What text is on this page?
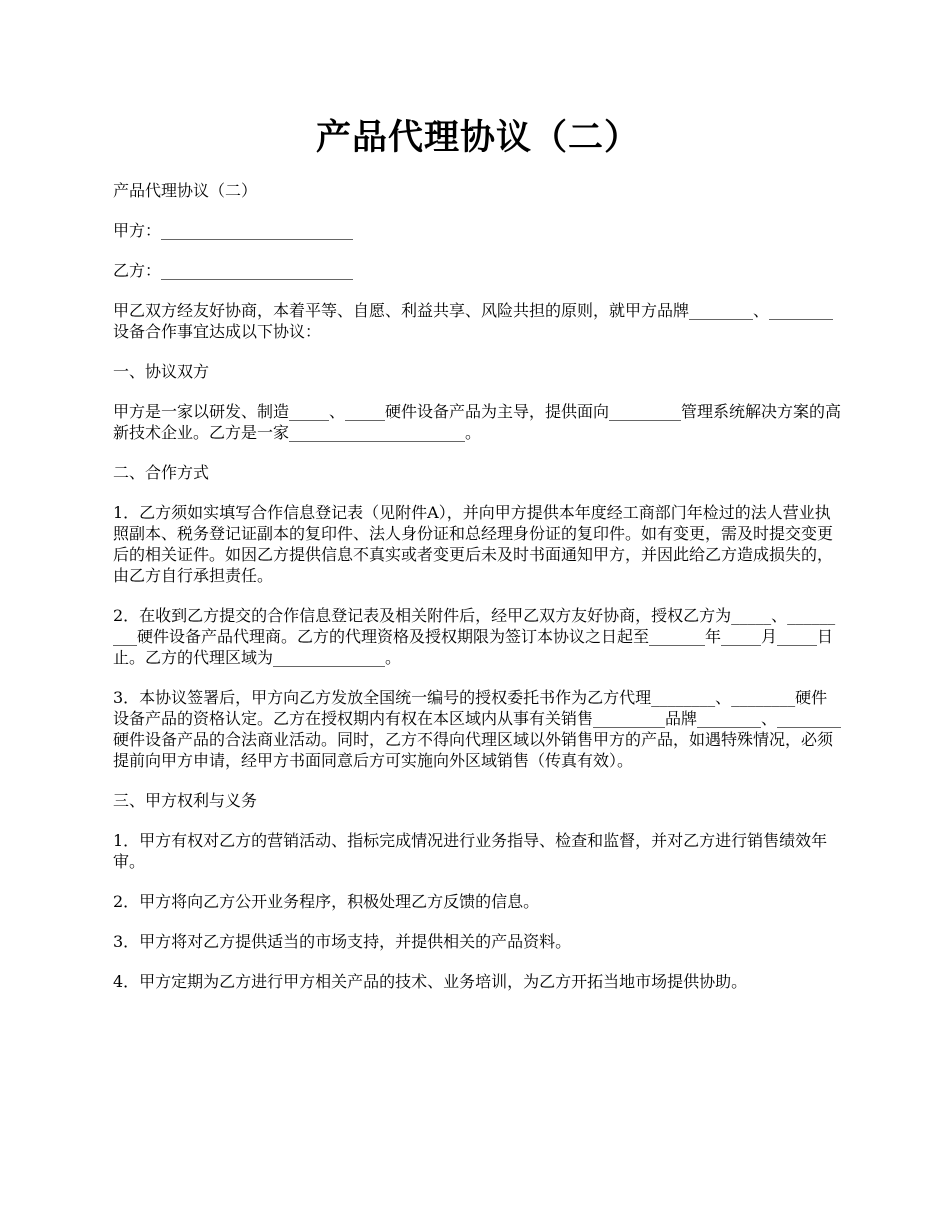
产品代理协议（二）

产品代理协议（二）

甲方：________________________

乙方：________________________

甲乙双方经友好协商，本着平等、自愿、利益共享、风险共担的原则，就甲方品牌________、________设备合作事宜达成以下协议：

一、协议双方

甲方是一家以研发、制造_____、_____硬件设备产品为主导，提供面向_________管理系统解决方案的高新技术企业。乙方是一家______________________。

二、合作方式

1．乙方须如实填写合作信息登记表（见附件A），并向甲方提供本年度经工商部门年检过的法人营业执照副本、税务登记证副本的复印件、法人身份证和总经理身份证的复印件。如有变更，需及时提交变更后的相关证件。如因乙方提供信息不真实或者变更后未及时书面通知甲方，并因此给乙方造成损失的，由乙方自行承担责任。

2．在收到乙方提交的合作信息登记表及相关附件后，经甲乙双方友好协商，授权乙方为_____、_________硬件设备产品代理商。乙方的代理资格及授权期限为签订本协议之日起至_______年_____月_____日止。乙方的代理区域为______________。

3．本协议签署后，甲方向乙方发放全国统一编号的授权委托书作为乙方代理________、________硬件设备产品的资格认定。乙方在授权期内有权在本区域内从事有关销售_________品牌________、________硬件设备产品的合法商业活动。同时，乙方不得向代理区域以外销售甲方的产品，如遇特殊情况，必须提前向甲方申请，经甲方书面同意后方可实施向外区域销售（传真有效）。

三、甲方权利与义务

1．甲方有权对乙方的营销活动、指标完成情况进行业务指导、检查和监督，并对乙方进行销售绩效年审。

2．甲方将向乙方公开业务程序，积极处理乙方反馈的信息。

3．甲方将对乙方提供适当的市场支持，并提供相关的产品资料。

4．甲方定期为乙方进行甲方相关产品的技术、业务培训，为乙方开拓当地市场提供协助。
